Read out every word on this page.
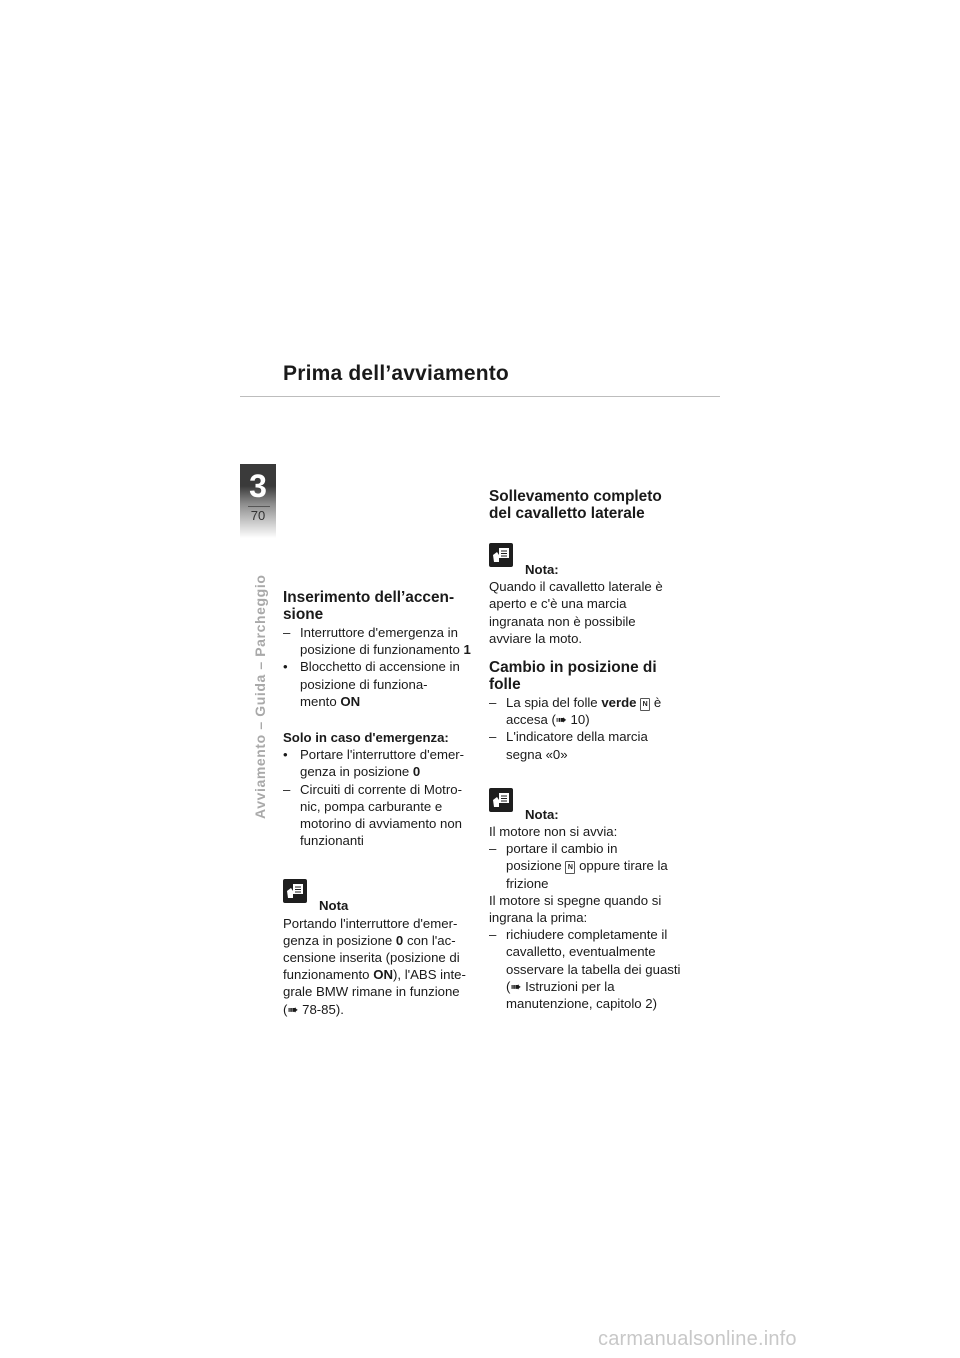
Prima dell’avviamento
3
70
Avviamento – Guida – Parcheggio Inserimento dell’accen-
sione
– Interruttore d'emergenza in
posizione di funzionamento 1
• Blocchetto di accensione in
posizione di funziona-
mento ON

Solo in caso d'emergenza:

• Portare l'interruttore d'emer-
genza in posizione 0
– Circuiti di corrente di Motro-
nic, pompa carburante e
motorino di avviamento non
funzionanti
Nota
Portando l'interruttore d'emer-
genza in posizione 0 con l'ac-
censione inserita (posizione di
funzionamento ON), l'ABS inte-
grale BMW rimane in funzione
(➠ 78-85).
Sollevamento completo
del cavalletto laterale
Nota:
Quando il cavalletto laterale è
aperto e c'è una marcia
ingranata non è possibile
avviare la moto.
Cambio in posizione di
folle
– La spia del folle verde N è
accesa (➠ 10)
– L'indicatore della marcia
segna «0»
Nota:
Il motore non si avvia:
– portare il cambio in
posizione N oppure tirare la
frizione
Il motore si spegne quando si
ingrana la prima:
– richiudere completamente il
cavalletto, eventualmente
osservare la tabella dei guasti
(➠ Istruzioni per la
manutenzione, capitolo 2)
carmanualsonline.info
